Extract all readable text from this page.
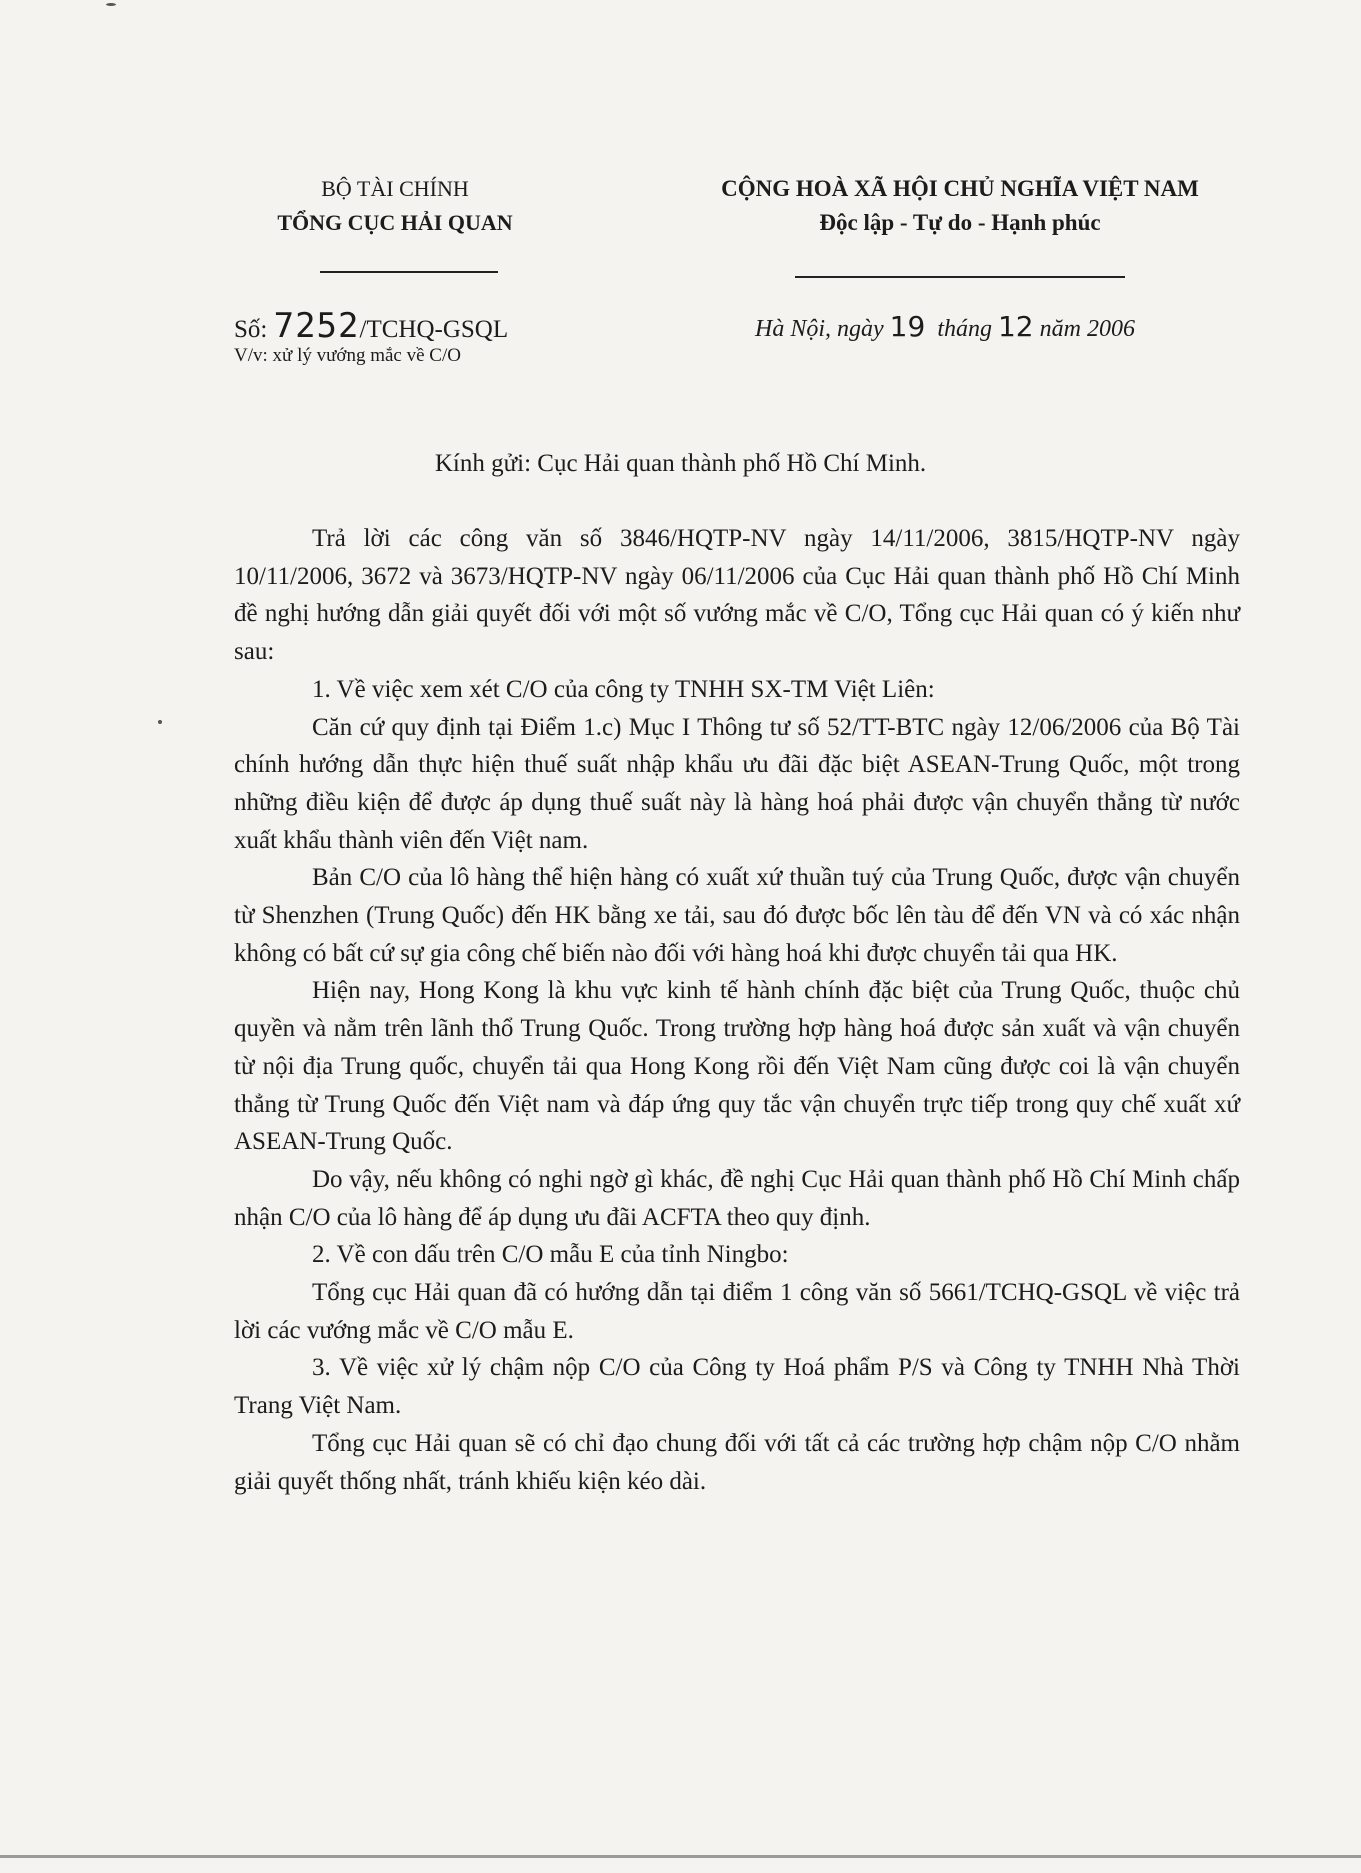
BỘ TÀI CHÍNH
TỔNG CỤC HẢI QUAN
CỘNG HOÀ XÃ HỘI CHỦ NGHĨA VIỆT NAM
Độc lập - Tự do - Hạnh phúc
Số: 7252/TCHQ-GSQL
V/v: xử lý vướng mắc về C/O
Hà Nội, ngày 19 tháng 12 năm 2006
Kính gửi: Cục Hải quan thành phố Hồ Chí Minh.

Trả lời các công văn số 3846/HQTP-NV ngày 14/11/2006, 3815/HQTP-NV ngày 10/11/2006, 3672 và 3673/HQTP-NV ngày 06/11/2006 của Cục Hải quan thành phố Hồ Chí Minh đề nghị hướng dẫn giải quyết đối với một số vướng mắc về C/O, Tổng cục Hải quan có ý kiến như sau:

1. Về việc xem xét C/O của công ty TNHH SX-TM Việt Liên:

Căn cứ quy định tại Điểm 1.c) Mục I Thông tư số 52/TT-BTC ngày 12/06/2006 của Bộ Tài chính hướng dẫn thực hiện thuế suất nhập khẩu ưu đãi đặc biệt ASEAN-Trung Quốc, một trong những điều kiện để được áp dụng thuế suất này là hàng hoá phải được vận chuyển thẳng từ nước xuất khẩu thành viên đến Việt nam.

Bản C/O của lô hàng thể hiện hàng có xuất xứ thuần tuý của Trung Quốc, được vận chuyển từ Shenzhen (Trung Quốc) đến HK bằng xe tải, sau đó được bốc lên tàu để đến VN và có xác nhận không có bất cứ sự gia công chế biến nào đối với hàng hoá khi được chuyển tải qua HK.

Hiện nay, Hong Kong là khu vực kinh tế hành chính đặc biệt của Trung Quốc, thuộc chủ quyền và nằm trên lãnh thổ Trung Quốc. Trong trường hợp hàng hoá được sản xuất và vận chuyển từ nội địa Trung quốc, chuyển tải qua Hong Kong rồi đến Việt Nam cũng được coi là vận chuyển thẳng từ Trung Quốc đến Việt nam và đáp ứng quy tắc vận chuyển trực tiếp trong quy chế xuất xứ ASEAN-Trung Quốc.

Do vậy, nếu không có nghi ngờ gì khác, đề nghị Cục Hải quan thành phố Hồ Chí Minh chấp nhận C/O của lô hàng để áp dụng ưu đãi ACFTA theo quy định.

2. Về con dấu trên C/O mẫu E của tỉnh Ningbo:

Tổng cục Hải quan đã có hướng dẫn tại điểm 1 công văn số 5661/TCHQ-GSQL về việc trả lời các vướng mắc về C/O mẫu E.

3. Về việc xử lý chậm nộp C/O của Công ty Hoá phẩm P/S và Công ty TNHH Nhà Thời Trang Việt Nam.

Tổng cục Hải quan sẽ có chỉ đạo chung đối với tất cả các trường hợp chậm nộp C/O nhằm giải quyết thống nhất, tránh khiếu kiện kéo dài.
